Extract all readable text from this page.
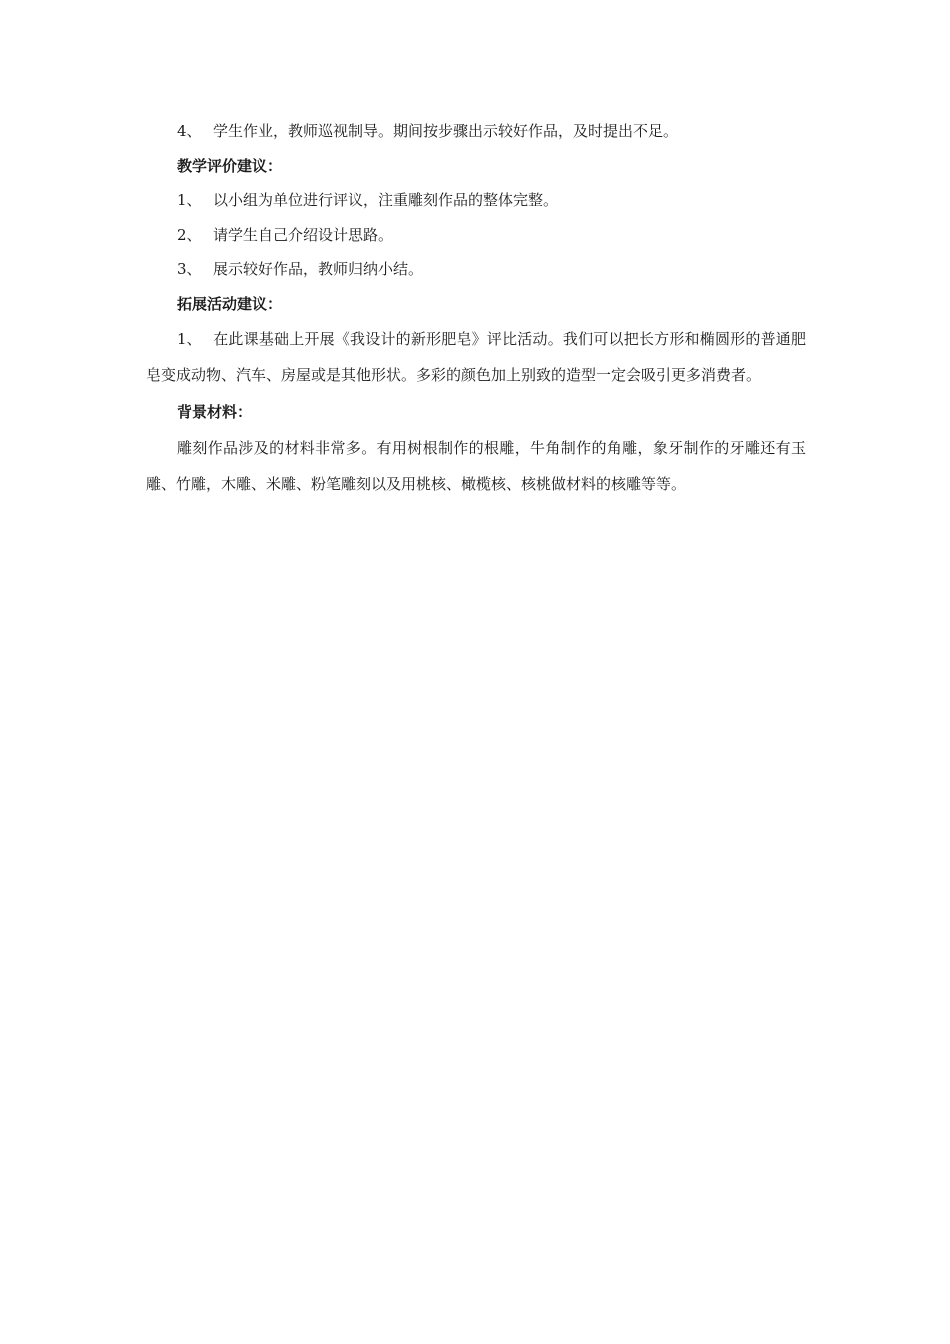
4、 学生作业，教师巡视制导。期间按步骤出示较好作品，及时提出不足。
教学评价建议：
1、 以小组为单位进行评议，注重雕刻作品的整体完整。
2、 请学生自己介绍设计思路。
3、 展示较好作品，教师归纳小结。
拓展活动建议：
1、 在此课基础上开展《我设计的新形肥皂》评比活动。我们可以把长方形和椭圆形的普通肥皂变成动物、汽车、房屋或是其他形状。多彩的颜色加上别致的造型一定会吸引更多消费者。
背景材料：
雕刻作品涉及的材料非常多。有用树根制作的根雕，牛角制作的角雕，象牙制作的牙雕还有玉雕、竹雕，木雕、米雕、粉笔雕刻以及用桃核、橄榄核、核桃做材料的核雕等等。
